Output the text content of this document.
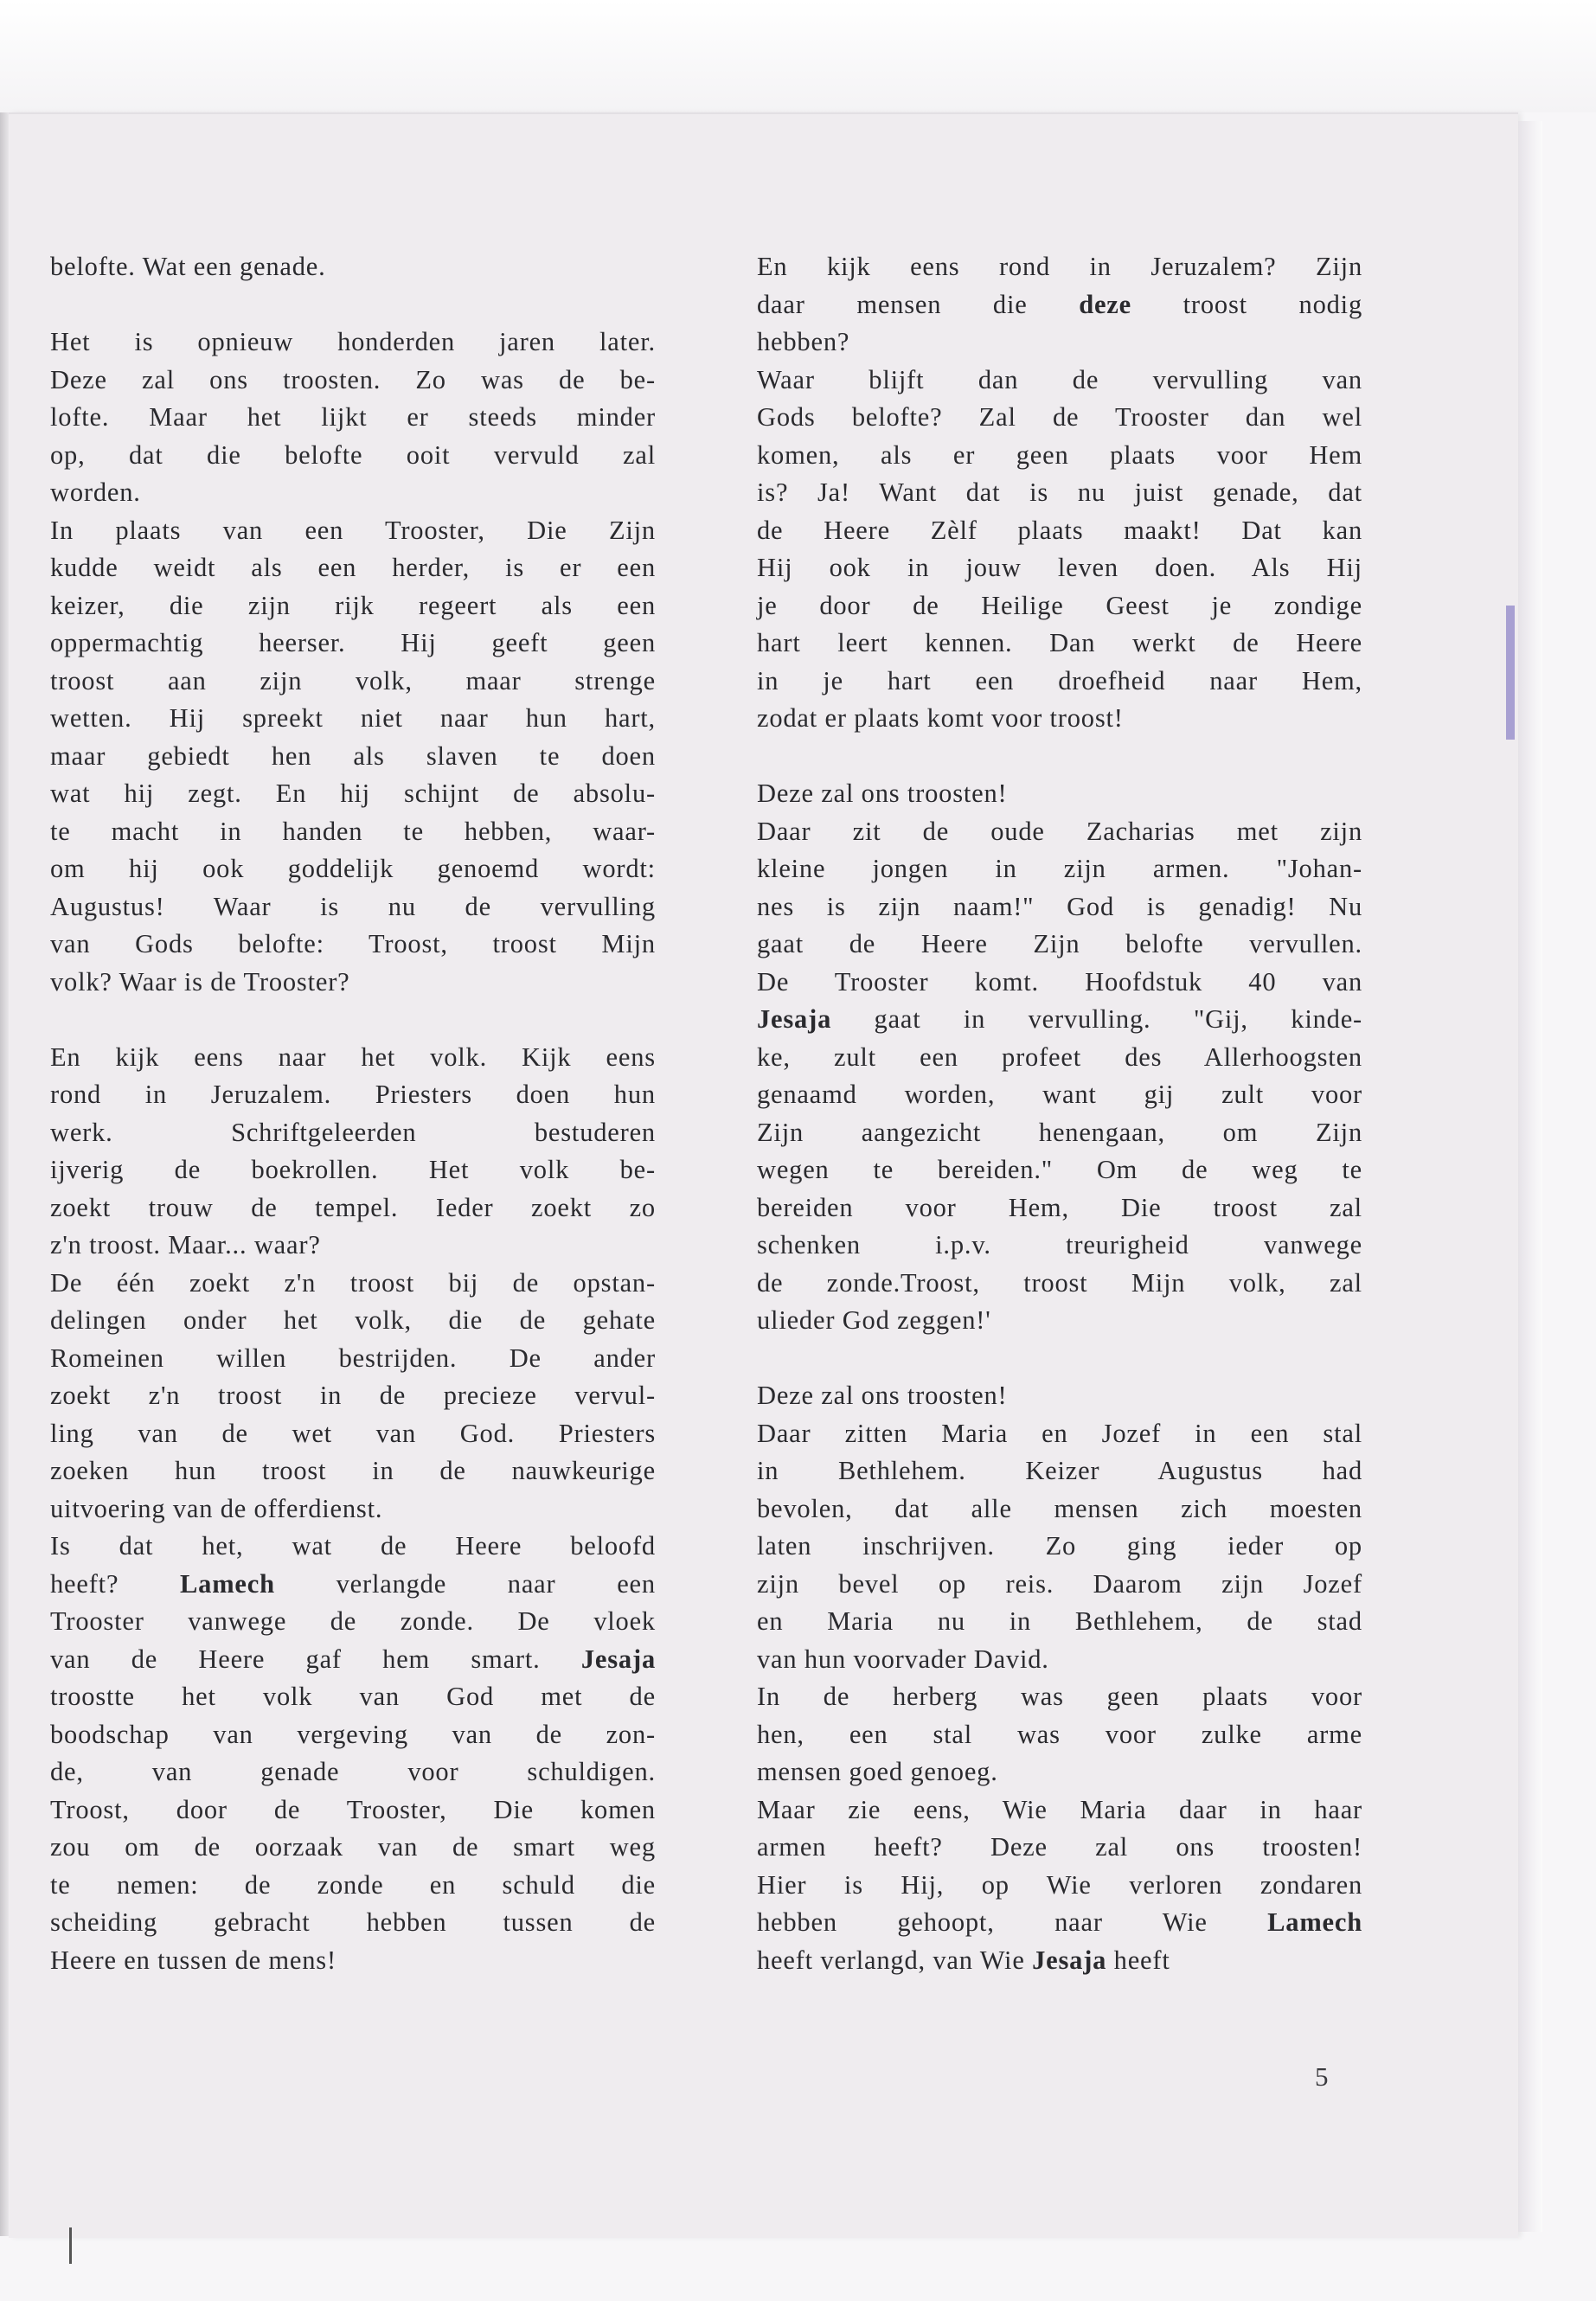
belofte. Wat een genade.
Het is opnieuw honderden jaren later.
Deze zal ons troosten. Zo was de be-
lofte. Maar het lijkt er steeds minder
op, dat die belofte ooit vervuld zal
worden.
In plaats van een Trooster, Die Zijn
kudde weidt als een herder, is er een
keizer, die zijn rijk regeert als een
oppermachtig heerser. Hij geeft geen
troost aan zijn volk, maar strenge
wetten. Hij spreekt niet naar hun hart,
maar gebiedt hen als slaven te doen
wat hij zegt. En hij schijnt de absolu-
te macht in handen te hebben, waar-
om hij ook goddelijk genoemd wordt:
Augustus! Waar is nu de vervulling
van Gods belofte: Troost, troost Mijn
volk? Waar is de Trooster?
En kijk eens naar het volk. Kijk eens
rond in Jeruzalem. Priesters doen hun
werk.	Schriftgeleerden	bestuderen
ijverig de boekrollen. Het volk be-
zoekt trouw de tempel. Ieder zoekt zo
z'n troost. Maar... waar?
De één zoekt z'n troost bij de opstan-
delingen onder het volk, die de gehate
Romeinen willen bestrijden. De ander
zoekt z'n troost in de precieze vervul-
ling van de wet van God. Priesters
zoeken hun troost in de nauwkeurige
uitvoering van de offerdienst.
Is dat het, wat de Heere beloofd
heeft? Lamech verlangde naar een
Trooster vanwege de zonde. De vloek
van de Heere gaf hem smart. Jesaja
troostte het volk van God met de
boodschap van vergeving van de zon-
de,	van	genade	voor	schuldigen.
Troost, door de Trooster, Die komen
zou om de oorzaak van de smart weg
te nemen: de zonde en schuld die
scheiding gebracht hebben tussen de
Heere en tussen de mens!
En kijk eens rond in Jeruzalem? Zijn
daar mensen die deze troost nodig
hebben?
Waar blijft dan de vervulling van
Gods belofte? Zal de Trooster dan wel
komen, als er geen plaats voor Hem
is? Ja! Want dat is nu juist genade, dat
de Heere Zèlf plaats maakt! Dat kan
Hij ook in jouw leven doen. Als Hij
je door de Heilige Geest je zondige
hart leert kennen. Dan werkt de Heere
in je hart een droefheid naar Hem,
zodat er plaats komt voor troost!
Deze zal ons troosten!
Daar zit de oude Zacharias met zijn
kleine jongen in zijn armen. "Johan-
nes is zijn naam!" God is genadig! Nu
gaat de Heere Zijn belofte vervullen.
De Trooster komt. Hoofdstuk 40 van
Jesaja gaat in vervulling. "Gij, kinde-
ke, zult een profeet des Allerhoogsten
genaamd worden, want gij zult voor
Zijn aangezicht henengaan, om Zijn
wegen te bereiden." Om de weg te
bereiden voor Hem, Die troost zal
schenken	i.p.v.	treurigheid	vanwege
de zonde.Troost, troost Mijn volk, zal
ulieder God zeggen!'
Deze zal ons troosten!
Daar zitten Maria en Jozef in een stal
in Bethlehem. Keizer Augustus had
bevolen, dat alle mensen zich moesten
laten inschrijven. Zo ging ieder op
zijn bevel op reis. Daarom zijn Jozef
en Maria nu in Bethlehem, de stad
van hun voorvader David.
In de herberg was geen plaats voor
hen, een stal was voor zulke arme
mensen goed genoeg.
Maar zie eens, Wie Maria daar in haar
armen heeft? Deze zal ons troosten!
Hier is Hij, op Wie verloren zondaren
hebben gehoopt, naar Wie Lamech
heeft verlangd, van Wie Jesaja heeft
5
